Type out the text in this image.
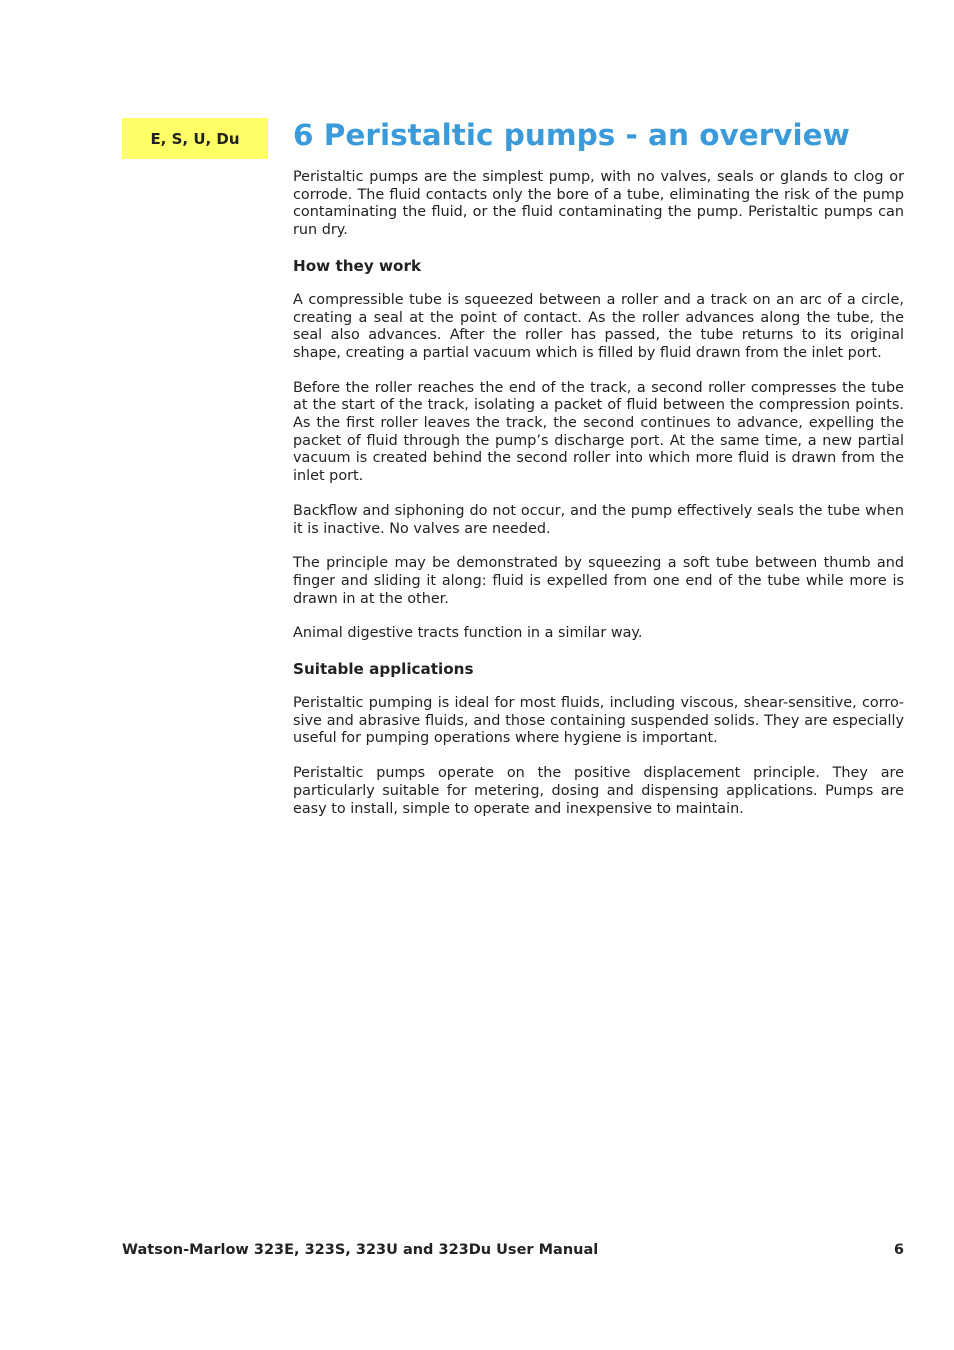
E, S, U, Du	6 Peristaltic pumps - an overview

Peristaltic pumps are the simplest pump, with no valves, seals or glands to clog or corrode. The fluid contacts only the bore of a tube, eliminating the risk of the pump contaminating the fluid, or the fluid contaminating the pump. Peristaltic pumps can run dry.

How they work

A compressible tube is squeezed between a roller and a track on an arc of a circle, creating a seal at the point of contact. As the roller advances along the tube, the seal also advances. After the roller has passed, the tube returns to its original shape, creating a partial vacuum which is filled by fluid drawn from the inlet port.

Before the roller reaches the end of the track, a second roller compresses the tube at the start of the track, isolating a packet of fluid between the compression points. As the first roller leaves the track, the second continues to advance, expelling the packet of fluid through the pump’s discharge port. At the same time, a new partial vacuum is created behind the second roller into which more fluid is drawn from the inlet port.

Backflow and siphoning do not occur, and the pump effectively seals the tube when it is inactive. No valves are needed.

The principle may be demonstrated by squeezing a soft tube between thumb and finger and sliding it along: fluid is expelled from one end of the tube while more is drawn in at the other.

Animal digestive tracts function in a similar way.

Suitable applications

Peristaltic pumping is ideal for most fluids, including viscous, shear-sensitive, corrosive and abrasive fluids, and those containing suspended solids. They are especially useful for pumping operations where hygiene is important.

Peristaltic pumps operate on the positive displacement principle. They are particularly suitable for metering, dosing and dispensing applications. Pumps are easy to install, simple to operate and inexpensive to maintain.

Watson-Marlow 323E, 323S, 323U and 323Du User Manual	6
